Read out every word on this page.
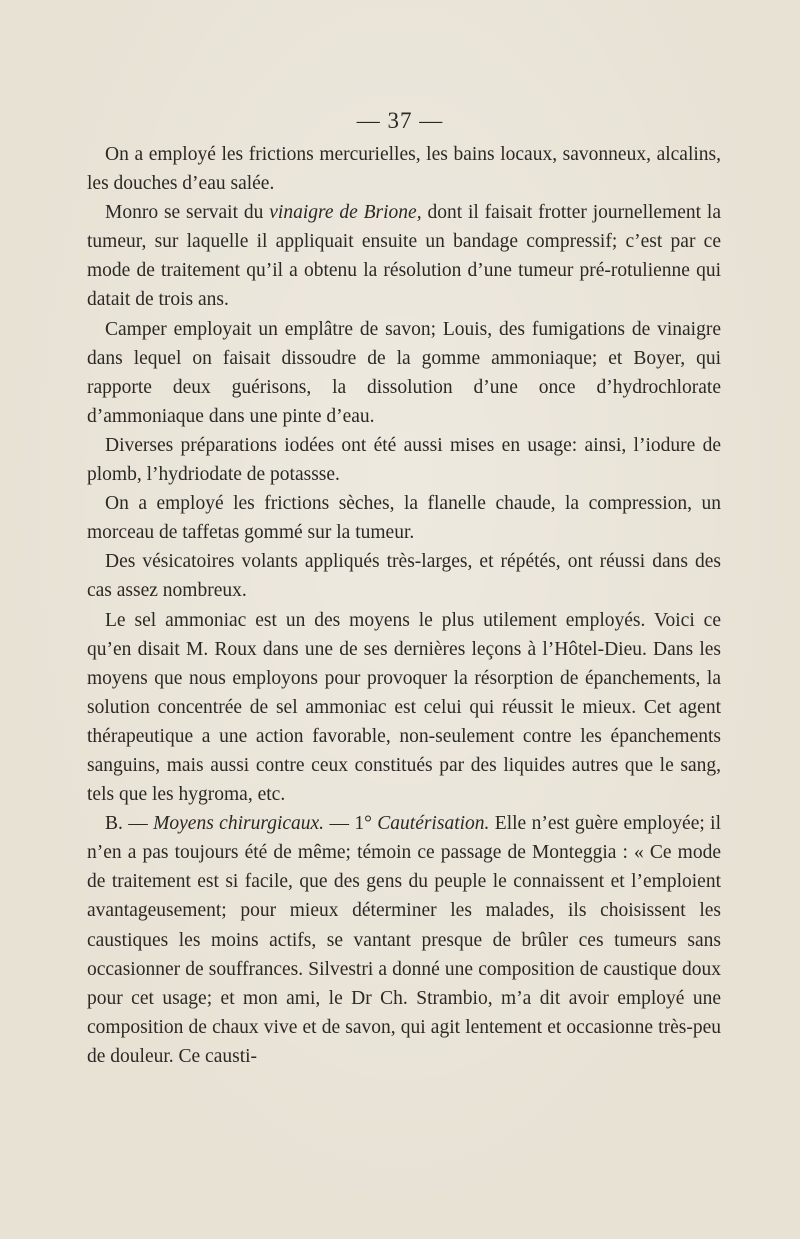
— 37 —

On a employé les frictions mercurielles, les bains locaux, savonneux, alcalins, les douches d’eau salée.

Monro se servait du vinaigre de Brione, dont il faisait frotter journellement la tumeur, sur laquelle il appliquait ensuite un bandage compressif; c’est par ce mode de traitement qu’il a obtenu la résolution d’une tumeur pré-rotulienne qui datait de trois ans.

Camper employait un emplâtre de savon; Louis, des fumigations de vinaigre dans lequel on faisait dissoudre de la gomme ammoniaque; et Boyer, qui rapporte deux guérisons, la dissolution d’une once d’hydrochlorate d’ammoniaque dans une pinte d’eau.

Diverses préparations iodées ont été aussi mises en usage: ainsi, l’iodure de plomb, l’hydriodate de potassse.

On a employé les frictions sèches, la flanelle chaude, la compression, un morceau de taffetas gommé sur la tumeur.

Des vésicatoires volants appliqués très-larges, et répétés, ont réussi dans des cas assez nombreux.

Le sel ammoniac est un des moyens le plus utilement employés. Voici ce qu’en disait M. Roux dans une de ses dernières leçons à l’Hôtel-Dieu. Dans les moyens que nous employons pour provoquer la résorption de épanchements, la solution concentrée de sel ammoniac est celui qui réussit le mieux. Cet agent thérapeutique a une action favorable, non-seulement contre les épanchements sanguins, mais aussi contre ceux constitués par des liquides autres que le sang, tels que les hygroma, etc.

B. — Moyens chirurgicaux. — 1° Cautérisation. Elle n’est guère employée; il n’en a pas toujours été de même; témoin ce passage de Monteggia : « Ce mode de traitement est si facile, que des gens du peuple le connaissent et l’emploient avantageusement; pour mieux déterminer les malades, ils choisissent les caustiques les moins actifs, se vantant presque de brûler ces tumeurs sans occasionner de souffrances. Silvestri a donné une composition de caustique doux pour cet usage; et mon ami, le Dr Ch. Strambio, m’a dit avoir employé une composition de chaux vive et de savon, qui agit lentement et occasionne très-peu de douleur. Ce causti-
